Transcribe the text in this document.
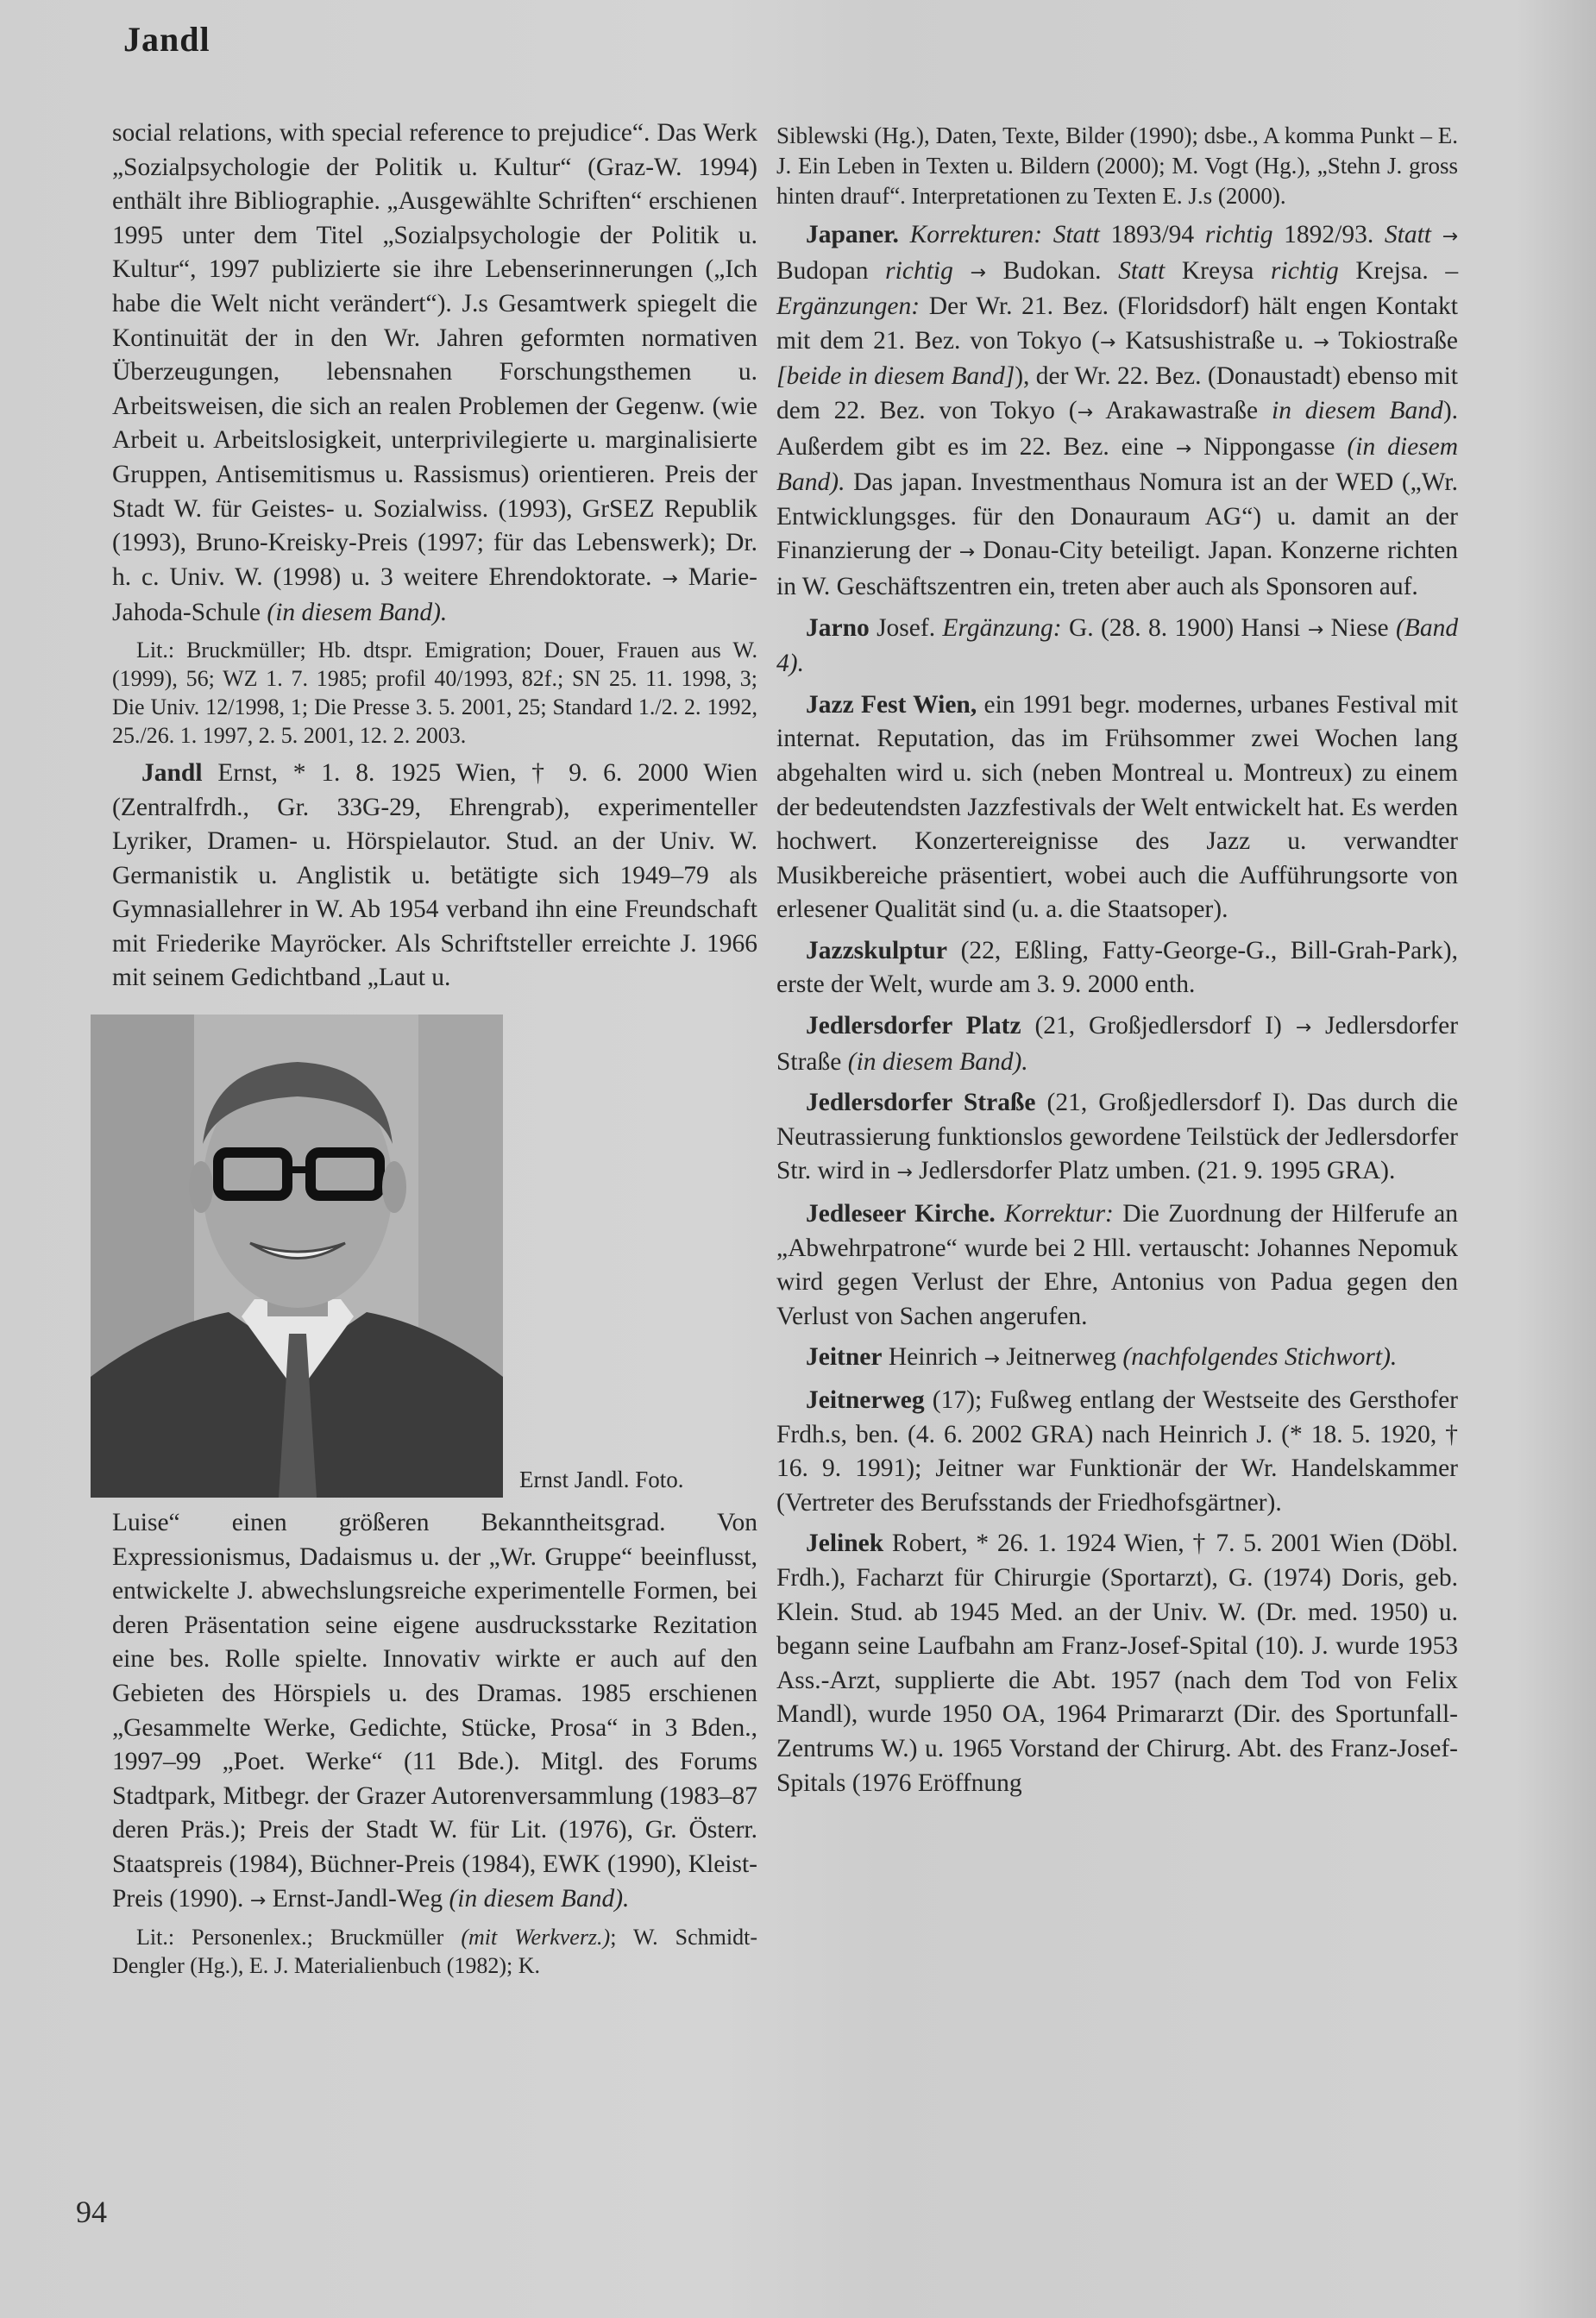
Jandl

social relations, with special reference to prejudice“. Das Werk „Sozialpsychologie der Politik u. Kultur“ (Graz-W. 1994) enthält ihre Bibliographie. „Ausgewählte Schriften“ erschienen 1995 unter dem Titel „Sozialpsychologie der Politik u. Kultur“, 1997 publizierte sie ihre Lebenserinnerungen („Ich habe die Welt nicht verändert“). J.s Gesamtwerk spiegelt die Kontinuität der in den Wr. Jahren geformten normativen Überzeugungen, lebensnahen Forschungsthemen u. Arbeitsweisen, die sich an realen Problemen der Gegenw. (wie Arbeit u. Arbeitslosigkeit, unterprivilegierte u. marginalisierte Gruppen, Antisemitismus u. Rassismus) orientieren. Preis der Stadt W. für Geistes- u. Sozialwiss. (1993), GrSEZ Republik (1993), Bruno-Kreisky-Preis (1997; für das Lebenswerk); Dr. h. c. Univ. W. (1998) u. 3 weitere Ehrendoktorate. → Marie-Jahoda-Schule (in diesem Band).

Lit.: Bruckmüller; Hb. dtspr. Emigration; Douer, Frauen aus W. (1999), 56; WZ 1. 7. 1985; profil 40/1993, 82f.; SN 25. 11. 1998, 3; Die Univ. 12/1998, 1; Die Presse 3. 5. 2001, 25; Standard 1./2. 2. 1992, 25./26. 1. 1997, 2. 5. 2001, 12. 2. 2003.

Jandl Ernst, * 1. 8. 1925 Wien, † 9. 6. 2000 Wien (Zentralfrdh., Gr. 33G-29, Ehrengrab), experimenteller Lyriker, Dramen- u. Hörspielautor. Stud. an der Univ. W. Germanistik u. Anglistik u. betätigte sich 1949–79 als Gymnasiallehrer in W. Ab 1954 verband ihn eine Freundschaft mit Friederike Mayröcker. Als Schriftsteller erreichte J. 1966 mit seinem Gedichtband „Laut u.

Ernst Jandl. Foto.

Luise“ einen größeren Bekanntheitsgrad. Von Expressionismus, Dadaismus u. der „Wr. Gruppe“ beeinflusst, entwickelte J. abwechslungsreiche experimentelle Formen, bei deren Präsentation seine eigene ausdrucksstarke Rezitation eine bes. Rolle spielte. Innovativ wirkte er auch auf den Gebieten des Hörspiels u. des Dramas. 1985 erschienen „Gesammelte Werke, Gedichte, Stücke, Prosa“ in 3 Bden., 1997–99 „Poet. Werke“ (11 Bde.). Mitgl. des Forums Stadtpark, Mitbegr. der Grazer Autorenversammlung (1983–87 deren Präs.); Preis der Stadt W. für Lit. (1976), Gr. Österr. Staatspreis (1984), Büchner-Preis (1984), EWK (1990), Kleist-Preis (1990). → Ernst-Jandl-Weg (in diesem Band).

Lit.: Personenlex.; Bruckmüller (mit Werkverz.); W. Schmidt-Dengler (Hg.), E. J. Materialienbuch (1982); K.

Siblewski (Hg.), Daten, Texte, Bilder (1990); dsbe., A komma Punkt – E. J. Ein Leben in Texten u. Bildern (2000); M. Vogt (Hg.), „Stehn J. gross hinten drauf“. Interpretationen zu Texten E. J.s (2000).

Japaner. Korrekturen: Statt 1893/94 richtig 1892/93. Statt → Budopan richtig → Budokan. Statt Kreysa richtig Krejsa. – Ergänzungen: Der Wr. 21. Bez. (Floridsdorf) hält engen Kontakt mit dem 21. Bez. von Tokyo (→ Katsushistraße u. → Tokiostraße [beide in diesem Band]), der Wr. 22. Bez. (Donaustadt) ebenso mit dem 22. Bez. von Tokyo (→ Arakawastraße in diesem Band). Außerdem gibt es im 22. Bez. eine → Nippongasse (in diesem Band). Das japan. Investmenthaus Nomura ist an der WED („Wr. Entwicklungsges. für den Donauraum AG“) u. damit an der Finanzierung der → Donau-City beteiligt. Japan. Konzerne richten in W. Geschäftszentren ein, treten aber auch als Sponsoren auf.

Jarno Josef. Ergänzung: G. (28. 8. 1900) Hansi → Niese (Band 4).

Jazz Fest Wien, ein 1991 begr. modernes, urbanes Festival mit internat. Reputation, das im Frühsommer zwei Wochen lang abgehalten wird u. sich (neben Montreal u. Montreux) zu einem der bedeutendsten Jazzfestivals der Welt entwickelt hat. Es werden hochwert. Konzertereignisse des Jazz u. verwandter Musikbereiche präsentiert, wobei auch die Aufführungsorte von erlesener Qualität sind (u. a. die Staatsoper).

Jazzskulptur (22, Eßling, Fatty-George-G., Bill-Grah-Park), erste der Welt, wurde am 3. 9. 2000 enth.

Jedlersdorfer Platz (21, Großjedlersdorf I) → Jedlersdorfer Straße (in diesem Band).

Jedlersdorfer Straße (21, Großjedlersdorf I). Das durch die Neutrassierung funktionslos gewordene Teilstück der Jedlersdorfer Str. wird in → Jedlersdorfer Platz umben. (21. 9. 1995 GRA).

Jedleseer Kirche. Korrektur: Die Zuordnung der Hilferufe an „Abwehrpatrone“ wurde bei 2 Hll. vertauscht: Johannes Nepomuk wird gegen Verlust der Ehre, Antonius von Padua gegen den Verlust von Sachen angerufen.

Jeitner Heinrich → Jeitnerweg (nachfolgendes Stichwort).

Jeitnerweg (17); Fußweg entlang der Westseite des Gersthofer Frdh.s, ben. (4. 6. 2002 GRA) nach Heinrich J. (* 18. 5. 1920, † 16. 9. 1991); Jeitner war Funktionär der Wr. Handelskammer (Vertreter des Berufsstands der Friedhofsgärtner).

Jelinek Robert, * 26. 1. 1924 Wien, † 7. 5. 2001 Wien (Döbl. Frdh.), Facharzt für Chirurgie (Sportarzt), G. (1974) Doris, geb. Klein. Stud. ab 1945 Med. an der Univ. W. (Dr. med. 1950) u. begann seine Laufbahn am Franz-Josef-Spital (10). J. wurde 1953 Ass.-Arzt, supplierte die Abt. 1957 (nach dem Tod von Felix Mandl), wurde 1950 OA, 1964 Primararzt (Dir. des Sportunfall-Zentrums W.) u. 1965 Vorstand der Chirurg. Abt. des Franz-Josef-Spitals (1976 Eröffnung

94
